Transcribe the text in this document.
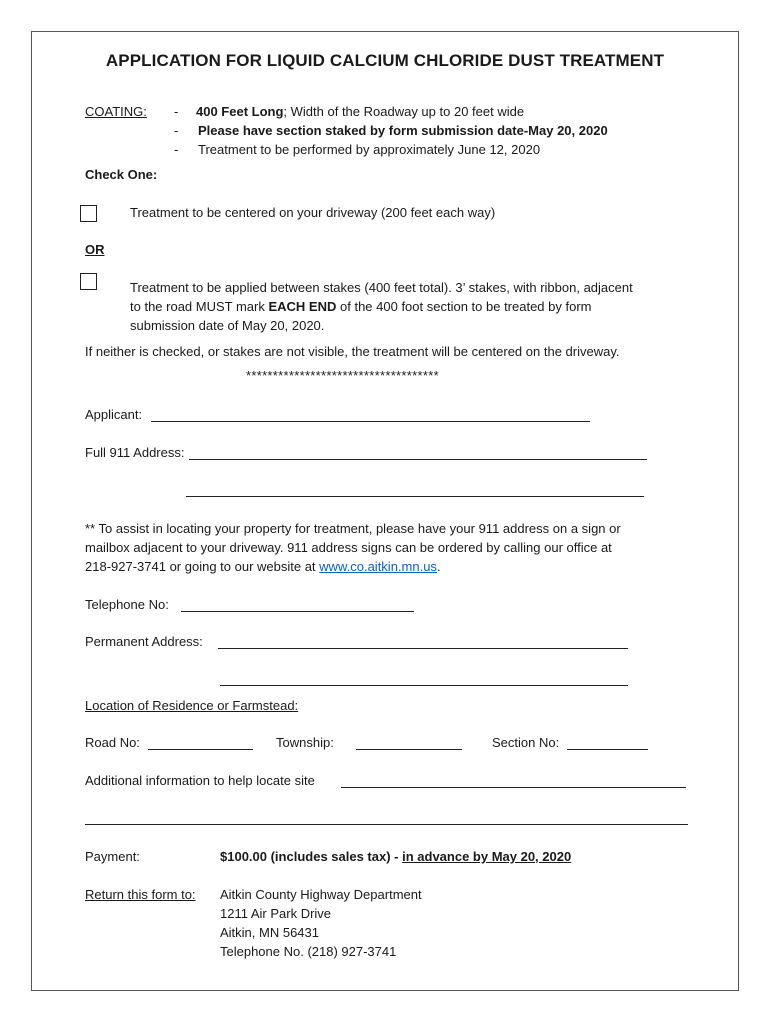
APPLICATION FOR LIQUID CALCIUM CHLORIDE DUST TREATMENT
COATING: - 400 Feet Long; Width of the Roadway up to 20 feet wide
- Please have section staked by form submission date-May 20, 2020
- Treatment to be performed by approximately June 12, 2020
Check One:
Treatment to be centered on your driveway (200 feet each way)
OR
Treatment to be applied between stakes (400 feet total). 3’ stakes, with ribbon, adjacent
to the road MUST mark EACH END of the 400 foot section to be treated by form
submission date of May 20, 2020.
If neither is checked, or stakes are not visible, the treatment will be centered on the driveway.
************************************
Applicant:
Full 911 Address:
** To assist in locating your property for treatment, please have your 911 address on a sign or
mailbox adjacent to your driveway. 911 address signs can be ordered by calling our office at
218-927-3741 or going to our website at www.co.aitkin.mn.us.
Telephone No:
Permanent Address:
Location of Residence or Farmstead:
Road No:	Township:	Section No:
Additional information to help locate site
Payment:	$100.00 (includes sales tax) - in advance by May 20, 2020
Return this form to: Aitkin County Highway Department
1211 Air Park Drive
Aitkin, MN 56431
Telephone No. (218) 927-3741
